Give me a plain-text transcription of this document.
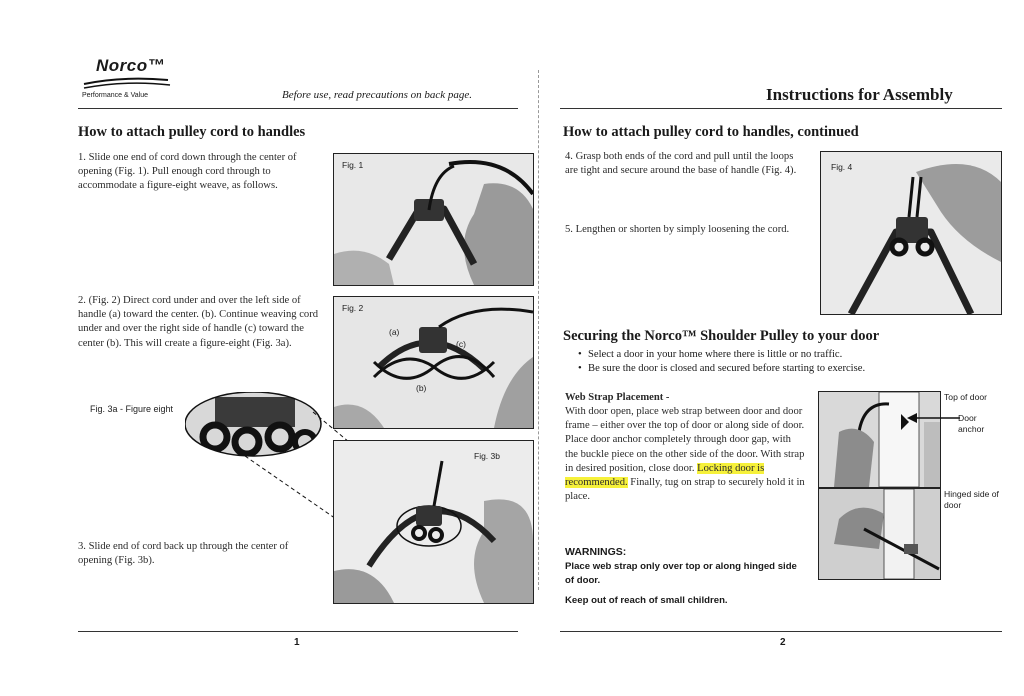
Norco™
Performance & Value	Before use, read precautions on back page.	Instructions for Assembly
How to attach pulley cord to handles
1. Slide one end of cord down through the center of opening (Fig. 1). Pull enough cord through to accommodate a figure-eight weave, as follows.
Fig. 1
2. (Fig. 2) Direct cord under and over the left side of handle (a) toward the center. (b). Continue weaving cord under and over the right side of handle (c) toward the center (b). This will create a figure-eight (Fig. 3a).
Fig. 2
(a)
(b)
(c)
Fig. 3a - Figure eight
Fig. 3b
3. Slide end of cord back up through the center of opening (Fig. 3b).
1
How to attach pulley cord to handles, continued
4. Grasp both ends of the cord and pull until the loops are tight and secure around the base of handle (Fig. 4).
5. Lengthen or shorten by simply loosening the cord.
Fig. 4
Securing the Norco™ Shoulder Pulley to your door
• Select a door in your home where there is little or no traffic.
• Be sure the door is closed and secured before starting to exercise.
Web Strap Placement -
With door open, place web strap between door and door frame – either over the top of door or along side of door. Place door anchor completely through door gap, with the buckle piece on the other side of the door. With strap in desired position, close door. Locking door is recommended. Finally, tug on strap to securely hold it in place.
Top of door
Door anchor
Hinged side of door
WARNINGS:
Place web strap only over top or along hinged side of door.
Keep out of reach of small children.
2
